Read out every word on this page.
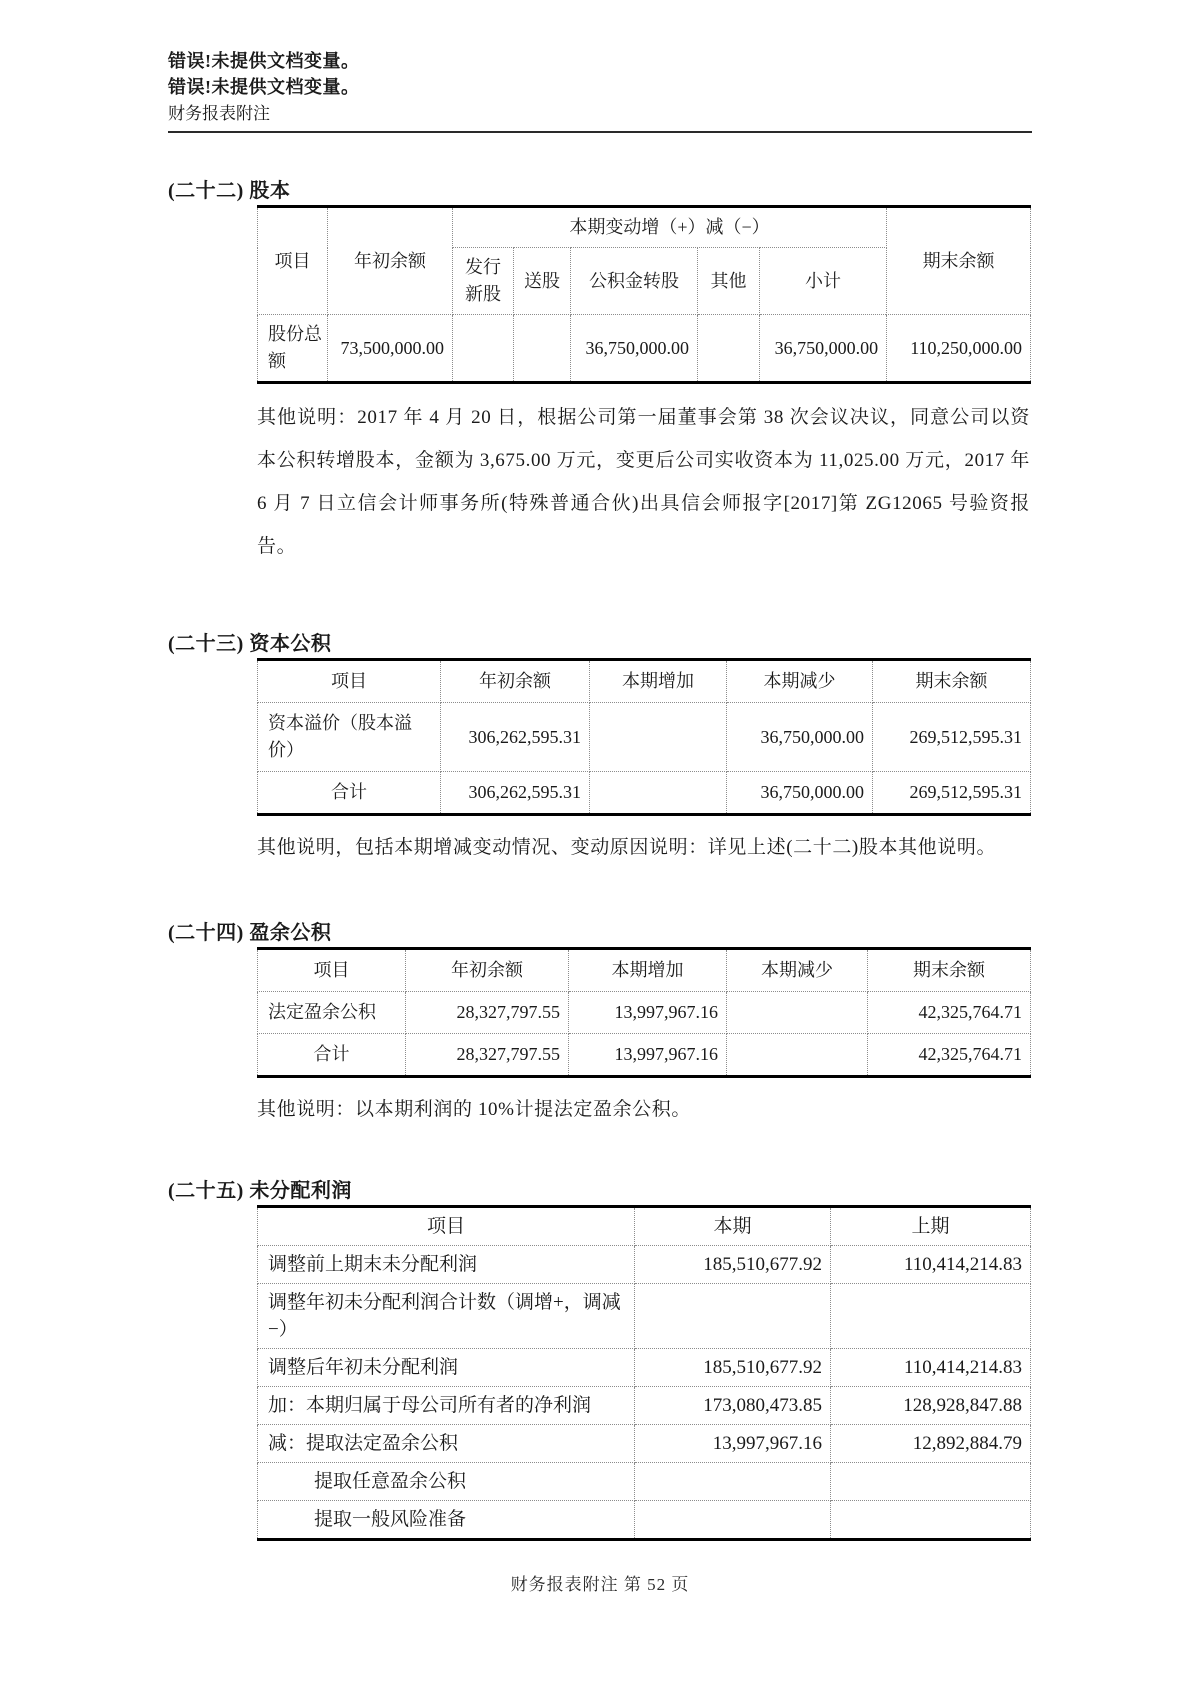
错误!未提供文档变量。
错误!未提供文档变量。
财务报表附注
(二十二) 股本
项目	年初余额	本期变动增（+）减（−）					期末余额
		发行新股	送股	公积金转股	其他	小计	
股份总额	73,500,000.00			36,750,000.00		36,750,000.00	110,250,000.00

其他说明：2017 年 4 月 20 日，根据公司第一届董事会第 38 次会议决议，同意公司以资本公积转增股本，金额为 3,675.00 万元，变更后公司实收资本为 11,025.00 万元，2017 年 6 月 7 日立信会计师事务所(特殊普通合伙)出具信会师报字[2017]第 ZG12065 号验资报告。

(二十三) 资本公积
项目	年初余额	本期增加	本期减少	期末余额
资本溢价（股本溢价）	306,262,595.31		36,750,000.00	269,512,595.31
合计	306,262,595.31		36,750,000.00	269,512,595.31

其他说明，包括本期增减变动情况、变动原因说明：详见上述(二十二)股本其他说明。

(二十四) 盈余公积
项目	年初余额	本期增加	本期减少	期末余额
法定盈余公积	28,327,797.55	13,997,967.16		42,325,764.71
合计	28,327,797.55	13,997,967.16		42,325,764.71

其他说明：以本期利润的 10%计提法定盈余公积。

(二十五) 未分配利润
项目	本期	上期
调整前上期末未分配利润	185,510,677.92	110,414,214.83
调整年初未分配利润合计数（调增+，调减−）		
调整后年初未分配利润	185,510,677.92	110,414,214.83
加：本期归属于母公司所有者的净利润	173,080,473.85	128,928,847.88
减：提取法定盈余公积	13,997,967.16	12,892,884.79
提取任意盈余公积		
提取一般风险准备		
财务报表附注 第 52 页
